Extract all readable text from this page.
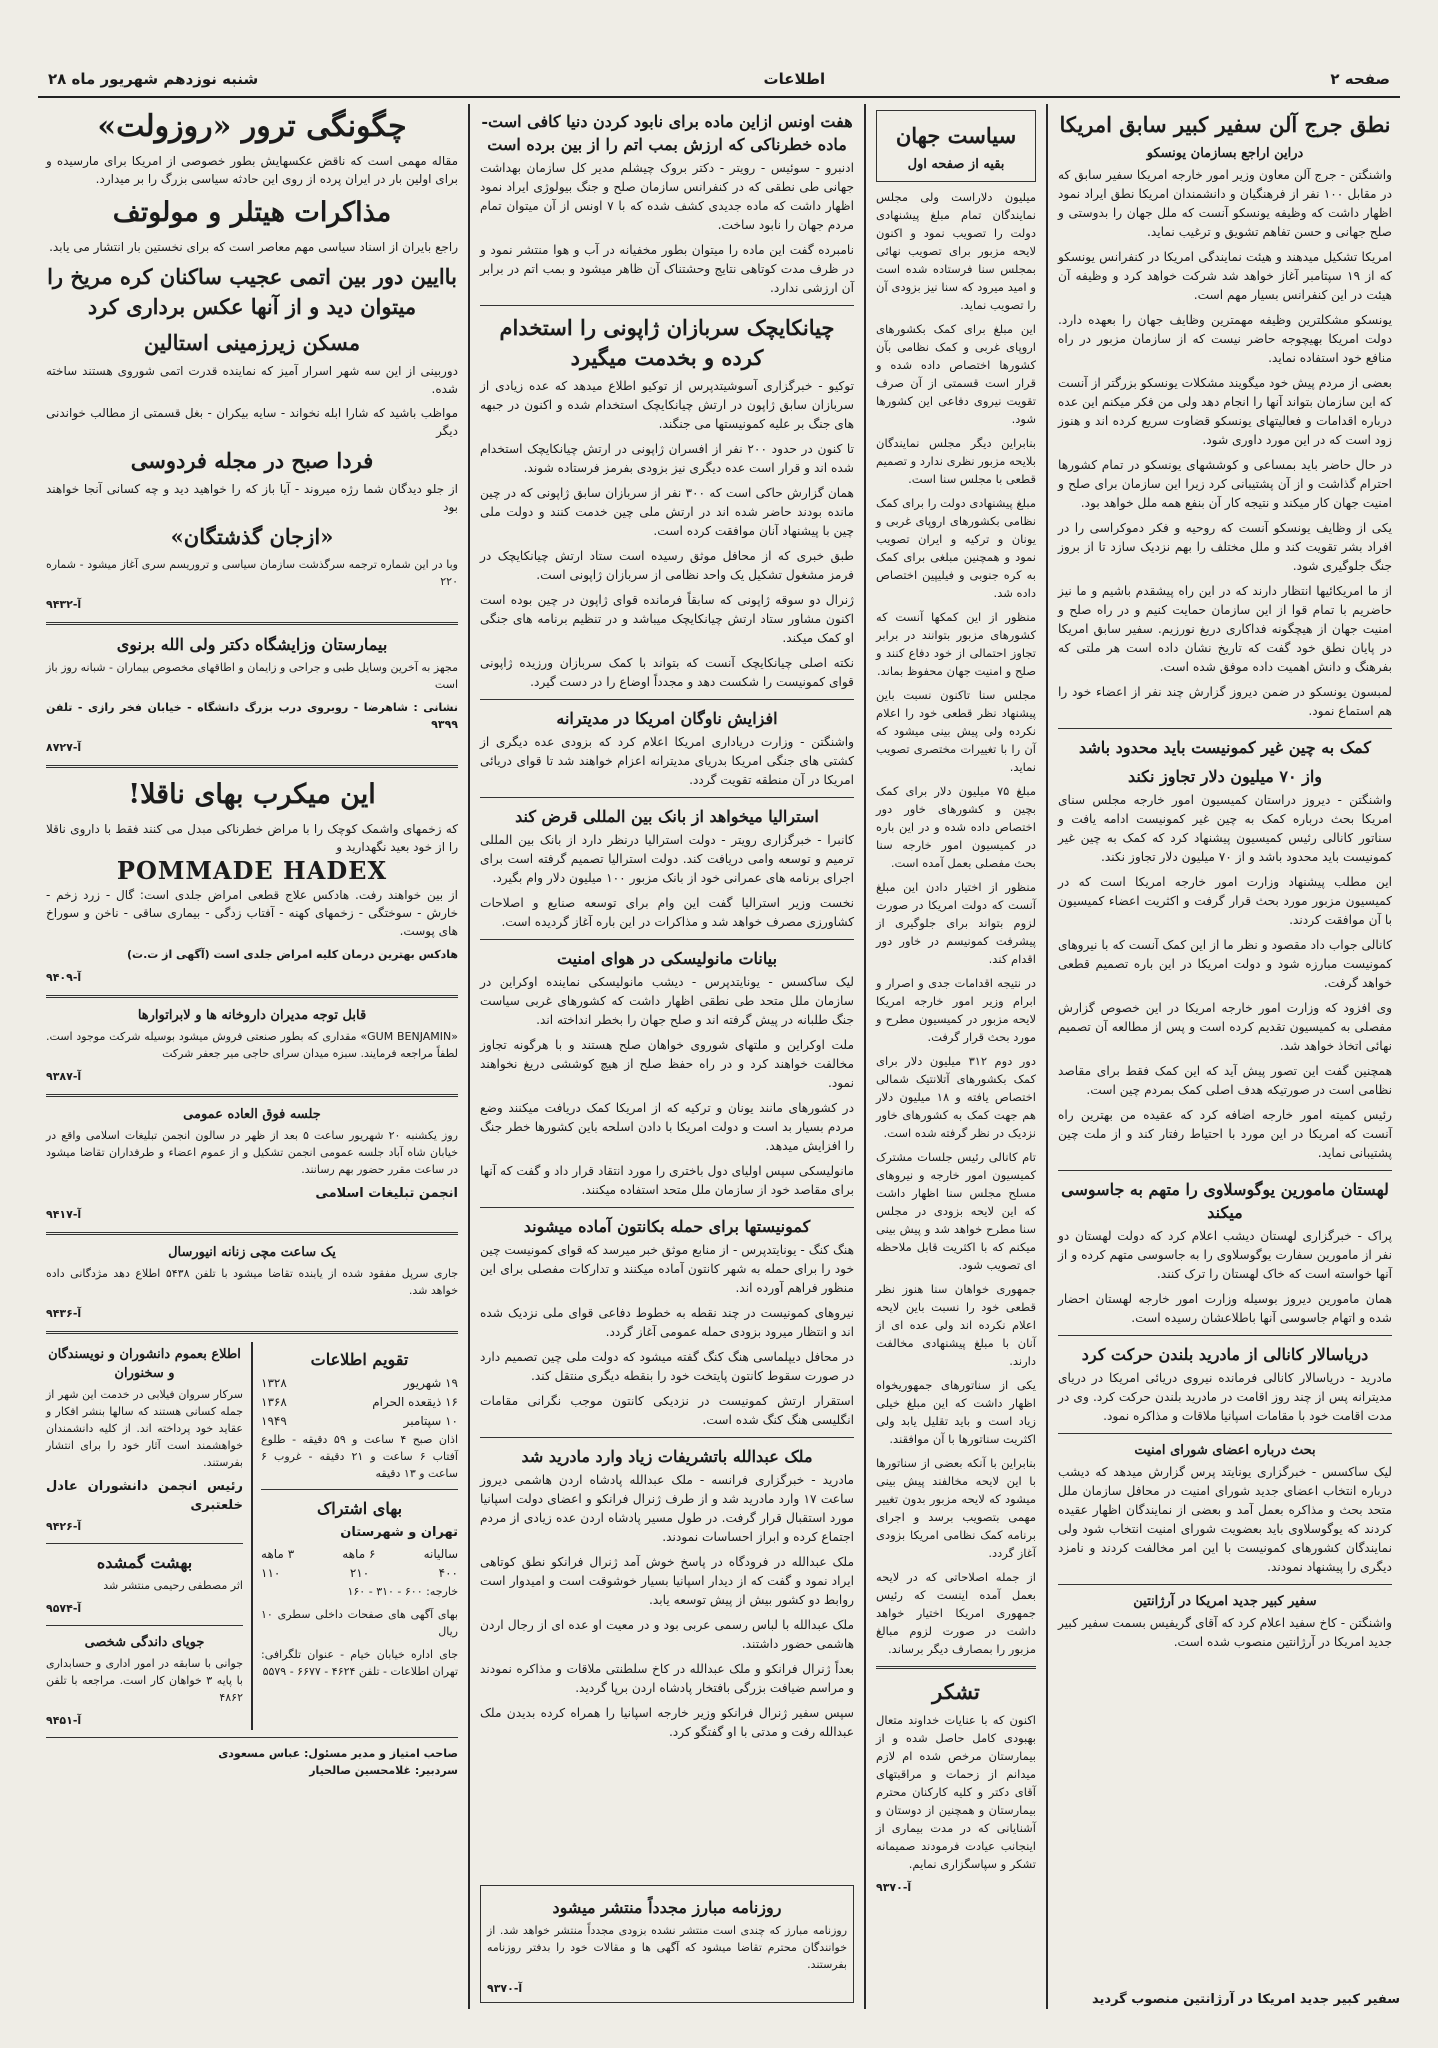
صفحه ۲
اطلاعات
شنبه نوزدهم شهریور ماه ۲۸
نطق جرج آلن سفیر کبیر سابق امریکا
دراین اراجع بسازمان یونسکو

واشنگتن - جرج آلن معاون وزیر امور خارجه امریکا سفیر سابق که در مقابل ۱۰۰ نفر از فرهنگیان و دانشمندان امریکا نطق ایراد نمود اظهار داشت که وظیفه یونسکو آنست که ملل جهان را بدوستی و صلح جهانی و حسن تفاهم تشویق و ترغیب نماید.

امریکا تشکیل میدهند و هیئت نمایندگی امریکا در کنفرانس یونسکو که از ۱۹ سپتامبر آغاز خواهد شد شرکت خواهد کرد و وظیفه آن هیئت در این کنفرانس بسیار مهم است.

یونسکو مشکلترین وظیفه مهمترین وظایف جهان را بعهده دارد. دولت امریکا بهیچوجه حاضر نیست که از سازمان مزبور در راه منافع خود استفاده نماید.

بعضی از مردم پیش خود میگویند مشکلات یونسکو بزرگتر از آنست که این سازمان بتواند آنها را انجام دهد ولی من فکر میکنم این عده درباره اقدامات و فعالیتهای یونسکو قضاوت سریع کرده اند و هنوز زود است که در این مورد داوری شود.

در حال حاضر باید بمساعی و کوششهای یونسکو در تمام کشورها احترام گذاشت و از آن پشتیبانی کرد زیرا این سازمان برای صلح و امنیت جهان کار میکند و نتیجه کار آن بنفع همه ملل خواهد بود.

یکی از وظایف یونسکو آنست که روحیه و فکر دموکراسی را در افراد بشر تقویت کند و ملل مختلف را بهم نزدیک سازد تا از بروز جنگ جلوگیری شود.

از ما امریکائیها انتظار دارند که در این راه پیشقدم باشیم و ما نیز حاضریم با تمام قوا از این سازمان حمایت کنیم و در راه صلح و امنیت جهان از هیچگونه فداکاری دریغ نورزیم. سفیر سابق امریکا در پایان نطق خود گفت که تاریخ نشان داده است هر ملتی که بفرهنگ و دانش اهمیت داده موفق شده است.

لمبسون یونسکو در ضمن دیروز گزارش چند نفر از اعضاء خود را هم استماع نمود.

کمک به چین غیر کمونیست باید محدود باشد
واز ۷۰ میلیون دلار تجاوز نکند

واشنگتن - دیروز دراستان کمیسیون امور خارجه مجلس سنای امریکا بحث درباره کمک به چین غیر کمونیست ادامه یافت و سناتور کانالی رئیس کمیسیون پیشنهاد کرد که کمک به چین غیر کمونیست باید محدود باشد و از ۷۰ میلیون دلار تجاوز نکند.

این مطلب پیشنهاد وزارت امور خارجه امریکا است که در کمیسیون مزبور مورد بحث قرار گرفت و اکثریت اعضاء کمیسیون با آن موافقت کردند.

کانالی جواب داد مقصود و نظر ما از این کمک آنست که با نیروهای کمونیست مبارزه شود و دولت امریکا در این باره تصمیم قطعی خواهد گرفت.

وی افزود که وزارت امور خارجه امریکا در این خصوص گزارش مفصلی به کمیسیون تقدیم کرده است و پس از مطالعه آن تصمیم نهائی اتخاذ خواهد شد.

همچنین گفت این تصور پیش آید که این کمک فقط برای مقاصد نظامی است در صورتیکه هدف اصلی کمک بمردم چین است.

رئیس کمیته امور خارجه اضافه کرد که عقیده من بهترین راه آنست که امریکا در این مورد با احتیاط رفتار کند و از ملت چین پشتیبانی نماید.

لهستان مامورین یوگوسلاوی را متهم به جاسوسی میکند

پراک - خبرگزاری لهستان دیشب اعلام کرد که دولت لهستان دو نفر از مامورین سفارت یوگوسلاوی را به جاسوسی متهم کرده و از آنها خواسته است که خاک لهستان را ترک کنند.

همان مامورین دیروز بوسیله وزارت امور خارجه لهستان احضار شده و اتهام جاسوسی آنها باطلاعشان رسیده است.

دریاسالار کانالی از مادرید بلندن حرکت کرد

مادرید - دریاسالار کانالی فرمانده نیروی دریائی امریکا در دریای مدیترانه پس از چند روز اقامت در مادرید بلندن حرکت کرد. وی در مدت اقامت خود با مقامات اسپانیا ملاقات و مذاکره نمود.

بحث درباره اعضای شورای امنیت

لیک ساکسس - خبرگزاری یونایتد پرس گزارش میدهد که دیشب درباره انتخاب اعضای جدید شورای امنیت در محافل سازمان ملل متحد بحث و مذاکره بعمل آمد و بعضی از نمایندگان اظهار عقیده کردند که یوگوسلاوی باید بعضویت شورای امنیت انتخاب شود ولی نمایندگان کشورهای کمونیست با این امر مخالفت کردند و نامزد دیگری را پیشنهاد نمودند.

سفیر کبیر جدید امریکا در آرژانتین

واشنگتن - کاخ سفید اعلام کرد که آقای گریفیس بسمت سفیر کبیر جدید امریکا در آرژانتین منصوب شده است.

سفیر کبیر جدید امریکا در آرژانتین منصوب گردید
سیاست جهان
بقیه از صفحه اول

میلیون دلاراست ولی مجلس نمایندگان تمام مبلغ پیشنهادی دولت را تصویب نمود و اکنون لایحه مزبور برای تصویب نهائی بمجلس سنا فرستاده شده است و امید میرود که سنا نیز بزودی آن را تصویب نماید.

این مبلغ برای کمک بکشورهای اروپای غربی و کمک نظامی بآن کشورها اختصاص داده شده و قرار است قسمتی از آن صرف تقویت نیروی دفاعی این کشورها شود.

بنابراین دیگر مجلس نمایندگان بلایحه مزبور نظری ندارد و تصمیم قطعی با مجلس سنا است.

مبلغ پیشنهادی دولت را برای کمک نظامی بکشورهای اروپای غربی و یونان و ترکیه و ایران تصویب نمود و همچنین مبلغی برای کمک به کره جنوبی و فیلیپین اختصاص داده شد.

منظور از این کمکها آنست که کشورهای مزبور بتوانند در برابر تجاوز احتمالی از خود دفاع کنند و صلح و امنیت جهان محفوظ بماند.

مجلس سنا تاکنون نسبت باین پیشنهاد نظر قطعی خود را اعلام نکرده ولی پیش بینی میشود که آن را با تغییرات مختصری تصویب نماید.

مبلغ ۷۵ میلیون دلار برای کمک بچین و کشورهای خاور دور اختصاص داده شده و در این باره در کمیسیون امور خارجه سنا بحث مفصلی بعمل آمده است.

منظور از اختیار دادن این مبلغ آنست که دولت امریکا در صورت لزوم بتواند برای جلوگیری از پیشرفت کمونیسم در خاور دور اقدام کند.

در نتیجه اقدامات جدی و اصرار و ابرام وزیر امور خارجه امریکا لایحه مزبور در کمیسیون مطرح و مورد بحث قرار گرفت.

دور دوم ۳۱۲ میلیون دلار برای کمک بکشورهای آتلانتیک شمالی اختصاص یافته و ۱۸ میلیون دلار هم جهت کمک به کشورهای خاور نزدیک در نظر گرفته شده است.

تام کانالی رئیس جلسات مشترک کمیسیون امور خارجه و نیروهای مسلح مجلس سنا اظهار داشت که این لایحه بزودی در مجلس سنا مطرح خواهد شد و پیش بینی میکنم که با اکثریت قابل ملاحظه ای تصویب شود.

جمهوری خواهان سنا هنوز نظر قطعی خود را نسبت باین لایحه اعلام نکرده اند ولی عده ای از آنان با مبلغ پیشنهادی مخالفت دارند.

یکی از سناتورهای جمهوریخواه اظهار داشت که این مبلغ خیلی زیاد است و باید تقلیل یابد ولی اکثریت سناتورها با آن موافقند.

بنابراین با آنکه بعضی از سناتورها با این لایحه مخالفند پیش بینی میشود که لایحه مزبور بدون تغییر مهمی بتصویب برسد و اجرای برنامه کمک نظامی امریکا بزودی آغاز گردد.

از جمله اصلاحاتی که در لایحه بعمل آمده اینست که رئیس جمهوری امریکا اختیار خواهد داشت در صورت لزوم مبالغ مزبور را بمصارف دیگر برساند.

تشکر

اکنون که با عنایات خداوند متعال بهبودی کامل حاصل شده و از بیمارستان مرخص شده ام لازم میدانم از زحمات و مراقبتهای آقای دکتر و کلیه کارکنان محترم بیمارستان و همچنین از دوستان و آشنایانی که در مدت بیماری از اینجانب عیادت فرمودند صمیمانه تشکر و سپاسگزاری نمایم.

آ-۹۳۷۰
هفت اونس ازاین ماده برای نابود کردن دنیا کافی است-ماده خطرناکی که ارزش بمب اتم را از بین برده است

ادنبرو - سوئیس - رویتر - دکتر بروک چیشلم مدیر کل سازمان بهداشت جهانی طی نطقی که در کنفرانس سازمان صلح و جنگ بیولوژی ایراد نمود اظهار داشت که ماده جدیدی کشف شده که با ۷ اونس از آن میتوان تمام مردم جهان را نابود ساخت.

نامبرده گفت این ماده را میتوان بطور مخفیانه در آب و هوا منتشر نمود و در ظرف مدت کوتاهی نتایج وحشتناک آن ظاهر میشود و بمب اتم در برابر آن ارزشی ندارد.

چیانکایچک سربازان ژاپونی را استخدام کرده و بخدمت میگیرد

توکیو - خبرگزاری آسوشیتدپرس از توکیو اطلاع میدهد که عده زیادی از سربازان سابق ژاپون در ارتش چیانکایچک استخدام شده و اکنون در جبهه های جنگ بر علیه کمونیستها می جنگند.

تا کنون در حدود ۲۰۰ نفر از افسران ژاپونی در ارتش چیانکایچک استخدام شده اند و قرار است عده دیگری نیز بزودی بفرمز فرستاده شوند.

همان گزارش حاکی است که ۳۰۰ نفر از سربازان سابق ژاپونی که در چین مانده بودند حاضر شده اند در ارتش ملی چین خدمت کنند و دولت ملی چین با پیشنهاد آنان موافقت کرده است.

طبق خبری که از محافل موثق رسیده است ستاد ارتش چیانکایچک در فرمز مشغول تشکیل یک واحد نظامی از سربازان ژاپونی است.

ژنرال دو سوقه ژاپونی که سابقاً فرمانده قوای ژاپون در چین بوده است اکنون مشاور ستاد ارتش چیانکایچک میباشد و در تنظیم برنامه های جنگی او کمک میکند.

نکته اصلی چیانکایچک آنست که بتواند با کمک سربازان ورزیده ژاپونی قوای کمونیست را شکست دهد و مجدداً اوضاع را در دست گیرد.

افزایش ناوگان امریکا در مدیترانه

واشنگتن - وزارت دریاداری امریکا اعلام کرد که بزودی عده دیگری از کشتی های جنگی امریکا بدریای مدیترانه اعزام خواهند شد تا قوای دریائی امریکا در آن منطقه تقویت گردد.

استرالیا میخواهد از بانک بین المللی قرض کند

کانبرا - خبرگزاری رویتر - دولت استرالیا درنظر دارد از بانک بین المللی ترمیم و توسعه وامی دریافت کند. دولت استرالیا تصمیم گرفته است برای اجرای برنامه های عمرانی خود از بانک مزبور ۱۰۰ میلیون دلار وام بگیرد.

نخست وزیر استرالیا گفت این وام برای توسعه صنایع و اصلاحات کشاورزی مصرف خواهد شد و مذاکرات در این باره آغاز گردیده است.

بیانات مانولیسکی در هوای امنیت

لیک ساکسس - یونایتدپرس - دیشب مانولیسکی نماینده اوکراین در سازمان ملل متحد طی نطقی اظهار داشت که کشورهای غربی سیاست جنگ طلبانه در پیش گرفته اند و صلح جهان را بخطر انداخته اند.

ملت اوکراین و ملتهای شوروی خواهان صلح هستند و با هرگونه تجاوز مخالفت خواهند کرد و در راه حفظ صلح از هیچ کوششی دریغ نخواهند نمود.

در کشورهای مانند یونان و ترکیه که از امریکا کمک دریافت میکنند وضع مردم بسیار بد است و دولت امریکا با دادن اسلحه باین کشورها خطر جنگ را افزایش میدهد.

مانولیسکی سپس اولیای دول باختری را مورد انتقاد قرار داد و گفت که آنها برای مقاصد خود از سازمان ملل متحد استفاده میکنند.

کمونیستها برای حمله بکانتون آماده میشوند

هنگ کنگ - یونایتدپرس - از منابع موثق خبر میرسد که قوای کمونیست چین خود را برای حمله به شهر کانتون آماده میکنند و تدارکات مفصلی برای این منظور فراهم آورده اند.

نیروهای کمونیست در چند نقطه به خطوط دفاعی قوای ملی نزدیک شده اند و انتظار میرود بزودی حمله عمومی آغاز گردد.

در محافل دیپلماسی هنگ کنگ گفته میشود که دولت ملی چین تصمیم دارد در صورت سقوط کانتون پایتخت خود را بنقطه دیگری منتقل کند.

استقرار ارتش کمونیست در نزدیکی کانتون موجب نگرانی مقامات انگلیسی هنگ کنگ شده است.

ملک عبدالله باتشریفات زیاد وارد مادرید شد

مادرید - خبرگزاری فرانسه - ملک عبدالله پادشاه اردن هاشمی دیروز ساعت ۱۷ وارد مادرید شد و از طرف ژنرال فرانکو و اعضای دولت اسپانیا مورد استقبال قرار گرفت. در طول مسیر پادشاه اردن عده زیادی از مردم اجتماع کرده و ابراز احساسات نمودند.

ملک عبدالله در فرودگاه در پاسخ خوش آمد ژنرال فرانکو نطق کوتاهی ایراد نمود و گفت که از دیدار اسپانیا بسیار خوشوقت است و امیدوار است روابط دو کشور بیش از پیش توسعه یابد.

ملک عبدالله با لباس رسمی عربی بود و در معیت او عده ای از رجال اردن هاشمی حضور داشتند.

بعداً ژنرال فرانکو و ملک عبدالله در کاخ سلطنتی ملاقات و مذاکره نمودند و مراسم ضیافت بزرگی بافتخار پادشاه اردن برپا گردید.

سپس سفیر ژنرال فرانکو وزیر خارجه اسپانیا را همراه کرده بدیدن ملک عبدالله رفت و مدتی با او گفتگو کرد.

روزنامه مبارز مجدداً منتشر میشود

روزنامه مبارز که چندی است منتشر نشده بزودی مجدداً منتشر خواهد شد. از خوانندگان محترم تقاضا میشود که آگهی ها و مقالات خود را بدفتر روزنامه بفرستند.

آ-۹۳۷۰
چگونگی ترور «روزولت»

مقاله مهمی است که ناقض عکسهایش بطور خصوصی از امریکا برای مارسیده و برای اولین بار در ایران پرده از روی این حادثه سیاسی بزرگ را بر میدارد.

مذاکرات هیتلر و مولوتف

راجع بایران از اسناد سیاسی مهم معاصر است که برای نخستین بار انتشار می یابد.

باایین دور بین اتمی عجیب ساکنان کره مریخ را میتوان دید و از آنها عکس برداری کرد
مسکن زیرزمینی استالین

دوربینی از این سه شهر اسرار آمیز که نماینده قدرت اتمی شوروی هستند ساخته شده.

مواظب باشید که شارا ابله نخواند - سایه بیکران - بغل قسمتی از مطالب خواندنی دیگر

فردا صبح در مجله فردوسی

از جلو دیدگان شما رژه میروند - آیا باز که را خواهید دید و چه کسانی آنجا خواهند بود

«ازجان گذشتگان»

وبا در این شماره ترجمه سرگذشت سازمان سیاسی و تروریسم سری آغاز میشود - شماره ۲۲۰

آ-۹۴۳۲
بیمارستان وزایشگاه دکتر ولی الله برنوی

مجهز به آخرین وسایل طبی و جراحی و زایمان و اطاقهای مخصوص بیماران - شبانه روز باز است

نشانی : شاهرضا - روبروی درب بزرگ دانشگاه - خیابان فخر رازی - تلفن ۹۳۹۹

آ-۸۷۲۷
این میکرب بهای ناقلا!

که زخمهای واشمک کوچک را با مراض خطرناکی مبدل می کنند فقط با داروی ناقلا را از خود بعید نگهدارید و

POMMADE HADEX

از بین خواهند رفت. هادکس علاج قطعی امراض جلدی است: گال - زرد زخم - خارش - سوختگی - زخمهای کهنه - آفتاب زدگی - بیماری ساقی - ناخن و سوراخ های پوست.

هادکس بهترین درمان کلیه امراض جلدی است (آگهی از ت.ت)

آ-۹۴۰۹
قابل توجه مدیران داروخانه ها و لابراتوارها

«GUM BENJAMIN» مقداری که بطور صنعتی فروش میشود بوسیله شرکت موجود است. لطفاً مراجعه فرمایند. سبزه میدان سرای حاجی میر جعفر شرکت

آ-۹۳۸۷
جلسه فوق العاده عمومی

روز یکشنبه ۲۰ شهریور ساعت ۵ بعد از ظهر در سالون انجمن تبلیغات اسلامی واقع در خیابان شاه آباد جلسه عمومی انجمن تشکیل و از عموم اعضاء و طرفداران تقاضا میشود در ساعت مقرر حضور بهم رسانند.

انجمن تبلیغات اسلامی
آ-۹۴۱۷
یک ساعت مچی زنانه انیورسال

جاری سرپل مفقود شده از یابنده تقاضا میشود با تلفن ۵۴۳۸ اطلاع دهد مژدگانی داده خواهد شد.

آ-۹۴۳۶
تقویم اطلاعات
۱۹ شهریور
۱۳۲۸
۱۶ ذیقعده الحرام
۱۳۶۸
۱۰ سپتامبر
۱۹۴۹

اذان صبح ۴ ساعت و ۵۹ دقیقه - طلوع آفتاب ۶ ساعت و ۲۱ دقیقه - غروب ۶ ساعت و ۱۳ دقیقه

بهای اشتراک
تهران و شهرستان
سالیانه
۶ ماهه
۳ ماهه
۴۰۰
۲۱۰
۱۱۰

خارجه: ۶۰۰ - ۳۱۰ - ۱۶۰

بهای آگهی های صفحات داخلی سطری ۱۰ ریال

جای اداره خیابان خیام - عنوان تلگرافی: تهران اطلاعات - تلفن ۴۶۲۴ - ۶۶۷۷ - ۵۵۷۹

اطلاع بعموم دانشوران و نویسندگان و سخنوران

سرکار سروان فیلابی در خدمت این شهر از جمله کسانی هستند که سالها بنشر افکار و عقاید خود پرداخته اند. از کلیه دانشمندان خواهشمند است آثار خود را برای انتشار بفرستند.

رئیس انجمن دانشوران عادل خلعتبری
آ-۹۴۲۶
بهشت گمشده

اثر مصطفی رحیمی منتشر شد

آ-۹۵۷۴
جویای داندگی شخصی

جوانی با سابقه در امور اداری و حسابداری با پایه ۳ خواهان کار است. مراجعه با تلفن ۴۸۶۲

آ-۹۴۵۱
صاحب امتیاز و مدیر مسئول: عباس مسعودی
سردبیر: غلامحسین صالحیار
